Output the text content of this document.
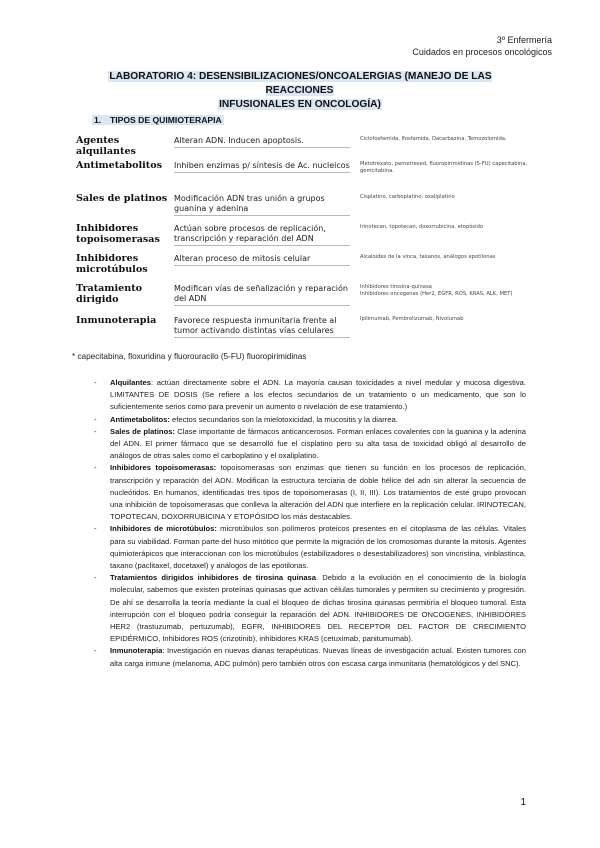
3º Enfermería
Cuidados en procesos oncológicos
LABORATORIO 4: DESENSIBILIZACIONES/ONCOALERGIAS (MANEJO DE LAS REACCIONES
INFUSIONALES EN ONCOLOGÍA)
1. TIPOS DE QUIMIOTERAPIA
Agentes alquilantes	Alteran ADN. Inducen apoptosis.	Ciclofosfamida, Ifosfamida, Dacarbazina, Temozolomida.
Antimetabolitos	Inhiben enzimas p/ síntesis de Ac. nucleicos	Metotrexato, pemetrexed, fluoropirimidinas (5-FU) capecitabina, gemcitabina.
Sales de platinos	Modificación ADN tras unión a grupos guanina y adenina	Cisplatino, carboplatino, oxaliplatino
Inhibidores topoisomerasas	Actúan sobre procesos de replicación, transcripción y reparación del ADN	Irinotecan, topotecan, doxorrubicina, etopósido
Inhibidores microtúbulos	Alteran proceso de mitosis celular	Alcaloides de la vinca, taxanos, análogos epotilonas
Tratamiento dirigido	Modifican vías de señalización y reparación del ADN	Inhibidores tirosina-quinasa
Inhibidores oncogenes (Her2, EGFR, ROS, KRAS, ALK, MET)
Inmunoterapia	Favorece respuesta inmunitaria frente al tumor activando distintas vías celulares	Ipilimumab, Pembrolizumab, Nivolumab
* capecitabina, floxuridina y fluorouracilo (5-FU) fluoropirimidinas
- Alquilantes: actúan directamente sobre el ADN. La mayoría causan toxicidades a nivel medular y mucosa digestiva. LIMITANTES DE DOSIS (Se refiere a los efectos secundarios de un tratamiento o un medicamento, que son lo suficientemente serios como para prevenir un aumento o nivelación de ese tratamiento.)
- Antimetabolitos: efectos secundarios son la mielotoxicidad, la mucositis y la diarrea.
- Sales de platinos: Clase importante de fármacos anticancerosos. Forman enlaces covalentes con la guanina y la adenina del ADN. El primer fármaco que se desarrolló fue el cisplatino pero su alta tasa de toxicidad obligó al desarrollo de análogos de otras sales como el carboplatino y el oxaliplatino.
- Inhibidores topoisomerasas: topoisomerasas son enzimas que tienen su función en los procesos de replicación, transcripción y reparación del ADN. Modifican la estructura terciaria de doble hélice del adn sin alterar la secuencia de nucleótidos. En humanos, identificadas tres tipos de topoisomerasas (I, II, III). Los tratamientos de este grupo provocan una inhibición de topoisomerasas que conlleva la alteración del ADN que interfiere en la replicación celular. IRINOTECAN, TOPOTECAN, DOXORRUBICINA Y ETOPÓSIDO los más destacables.
- Inhibidores de microtúbulos: microtúbulos son polímeros proteicos presentes en el citoplasma de las células. Vitales para su viabilidad. Forman parte del huso mitótico que permite la migración de los cromosomas durante la mitosis. Agentes quimioterápicos que interaccionan con los microtúbulos (estabilizadores o desestabilizadores) son vincristina, vinblastinca, taxano (paclitaxel, docetaxel) y análogos de las epotilonas.
- Tratamientos dirigidos inhibidores de tirosina quinasa. Debido a la evolución en el conocimiento de la biología molecular, sabemos que existen proteínas quinasas que activan células tumorales y permiten su crecimiento y progresión. De ahí se desarrolla la teoría mediante la cual el bloqueo de dichas tirosina quinasas permitiría el bloqueo tumoral. Esta interrupción con el bloqueo podría conseguir la reparación del ADN. INHIBIDORES DE ONCOGENES, INHIBIDORES HER2 (trastuzumab, pertuzumab), EGFR, INHIBIDORES DEL RECEPTOR DEL FACTOR DE CRECIMIENTO EPIDÉRMICO, Inhibidores ROS (crizotinib), inhibidores KRAS (cetuximab, panitumumab).
- Inmunoterapia: Investigación en nuevas dianas terapéuticas. Nuevas líneas de investigación actual. Existen tumores con alta carga inmune (melanoma, ADC pulmón) pero también otros con escasa carga inmunitaria (hematológicos y del SNC).
1
